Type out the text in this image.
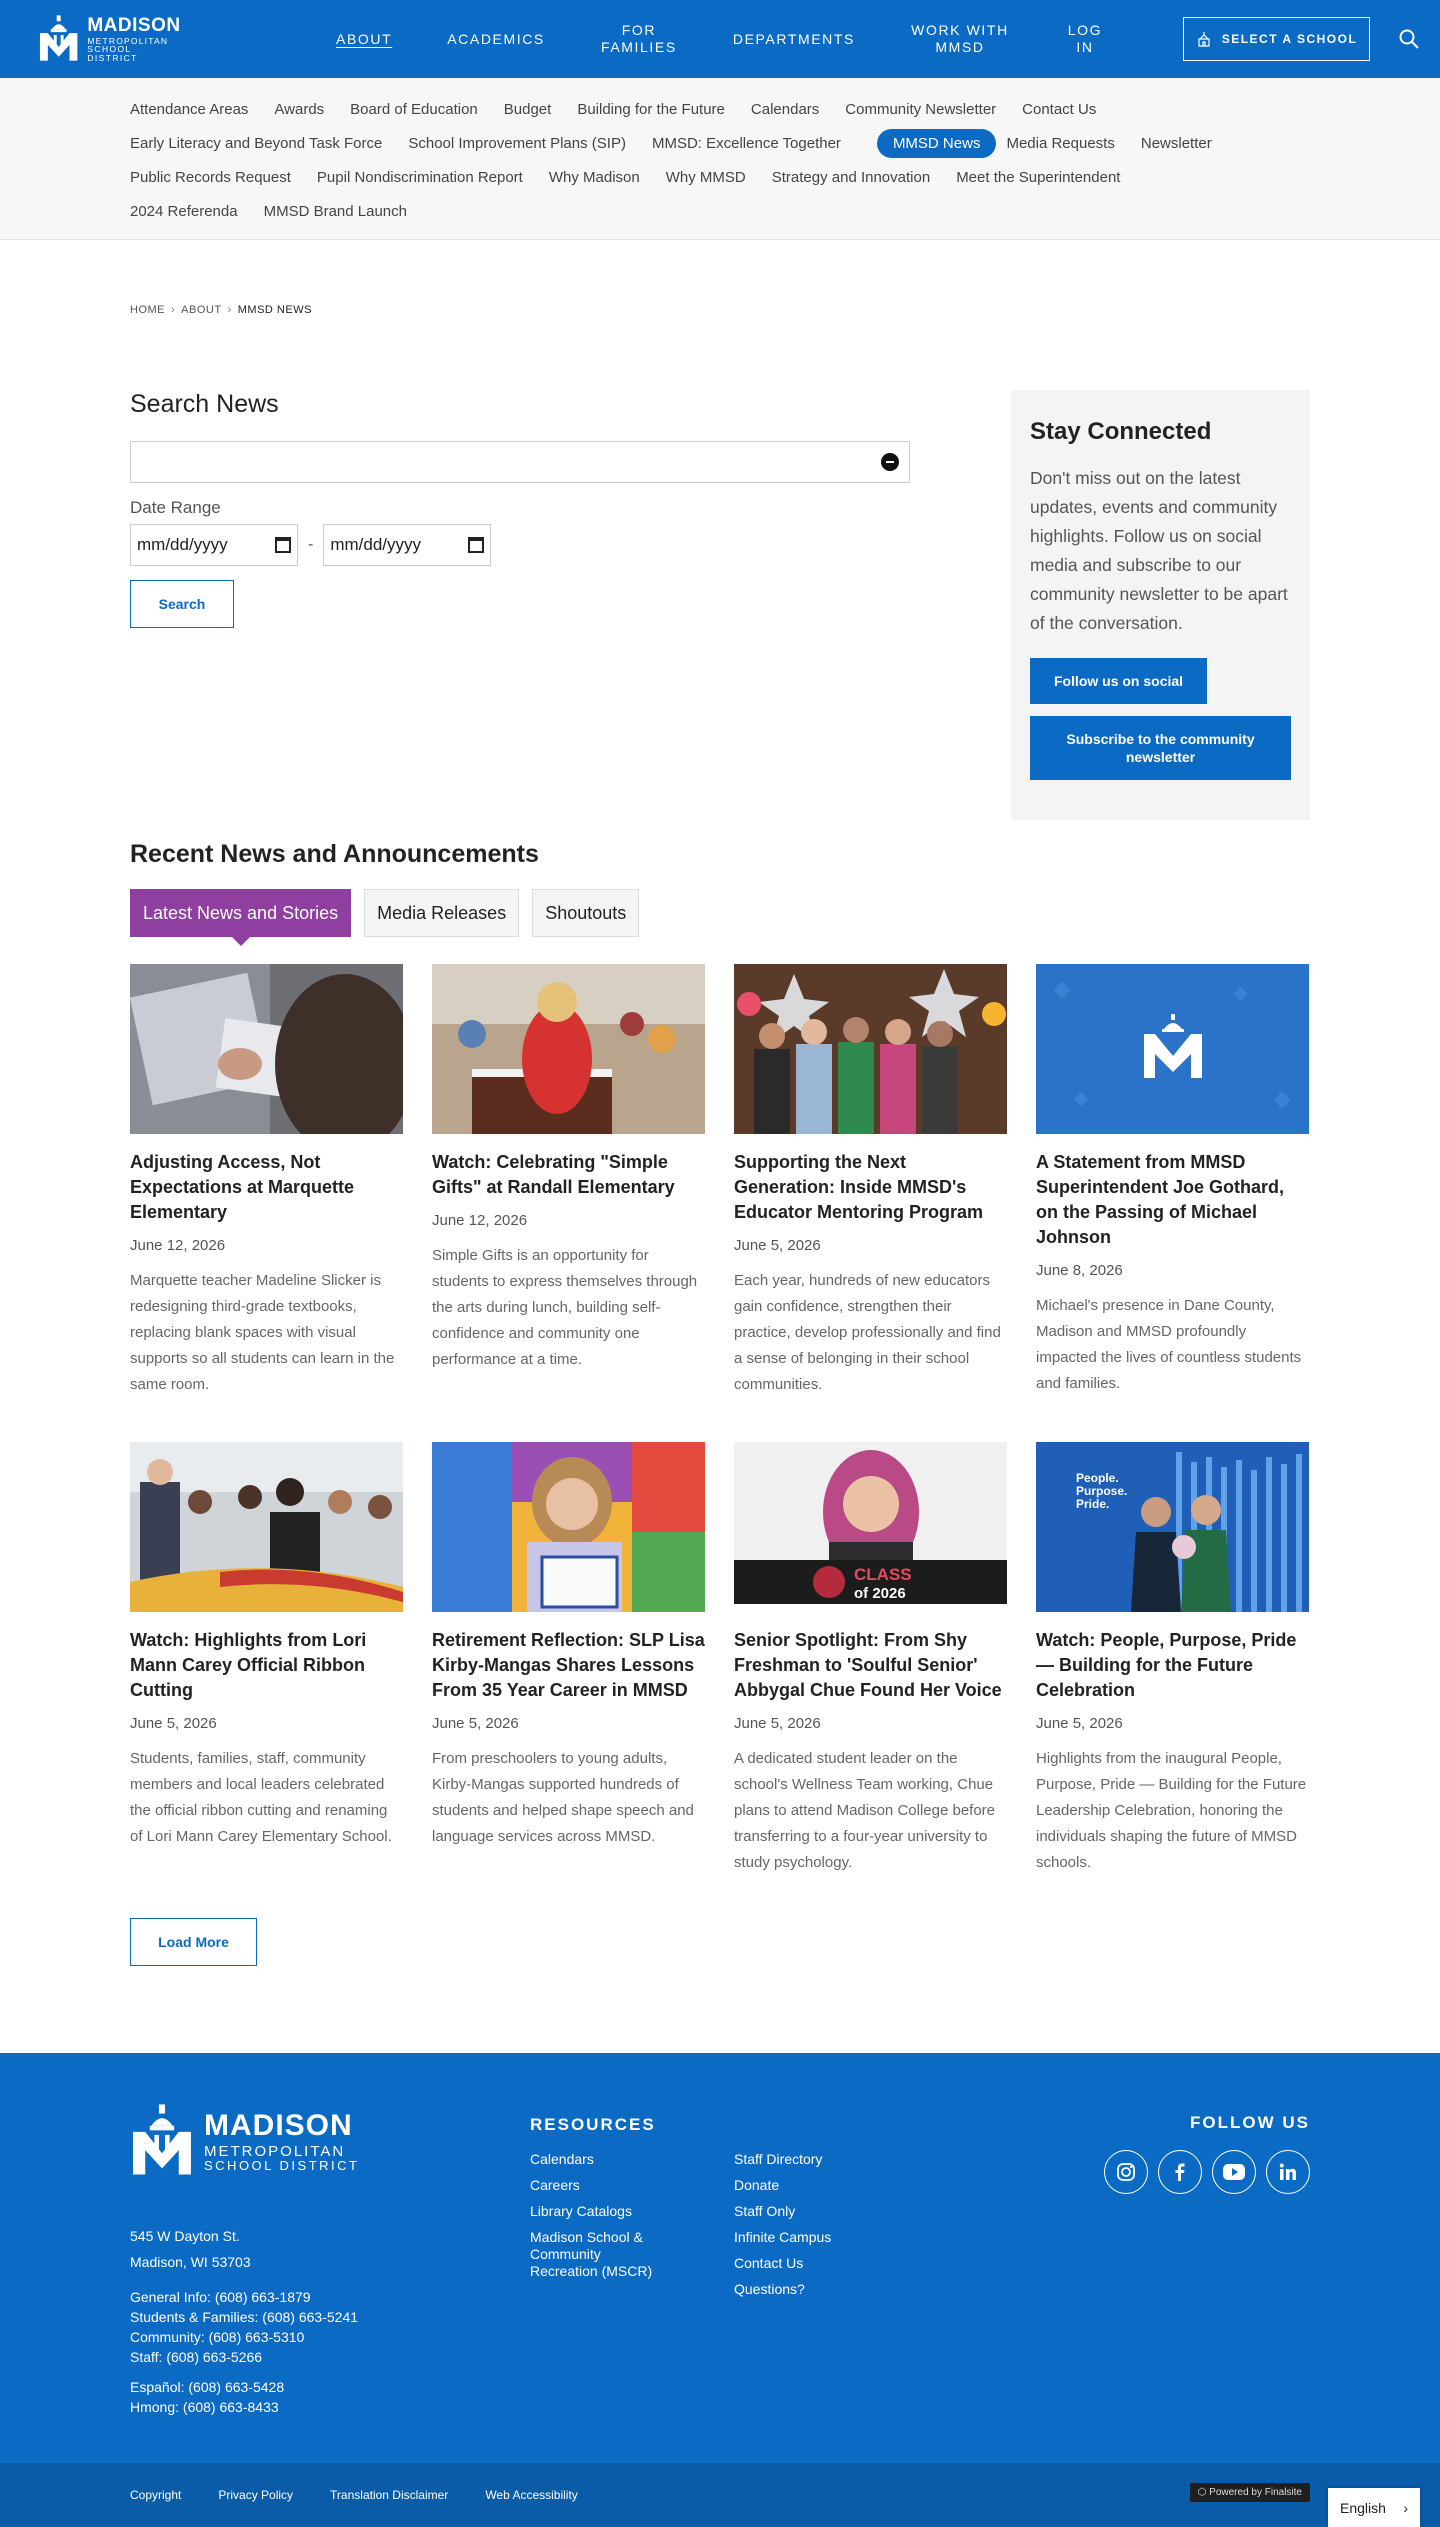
MADISON
METROPOLITAN
SCHOOL DISTRICT
ABOUT	ACADEMICS
FOR
FAMILIES
DEPARTMENTS
WORK WITH
MMSD
LOG
IN	SELECT A SCHOOL
Attendance Areas Awards Board of Education Budget Building for the Future Calendars Community Newsletter Contact Us
Early Literacy and Beyond Task Force School Improvement Plans (SIP) MMSD: Excellence Together	MMSD News	Media Requests Newsletter
Public Records Request Pupil Nondiscrimination Report Why Madison Why MMSD Strategy and Innovation Meet the Superintendent
2024 Referenda MMSD Brand Launch
HOME › ABOUT › MMSD NEWS
Search News
Date Range
mm/dd/yyyy	- mm/dd/yyyy
Search
Stay Connected

Don't miss out on the latest updates, events and community highlights. Follow us on social media and subscribe to our community newsletter to be apart of the conversation.

Follow us on social
Subscribe to the community newsletter
Recent News and Announcements
Latest News and Stories	Media Releases	Shoutouts
Adjusting Access, Not Expectations at Marquette Elementary
June 12, 2026

Marquette teacher Madeline Slicker is redesigning third-grade textbooks, replacing blank spaces with visual supports so all students can learn in the same room.

Watch: Celebrating "Simple Gifts" at Randall Elementary
June 12, 2026

Simple Gifts is an opportunity for students to express themselves through the arts during lunch, building self-confidence and community one performance at a time.

Supporting the Next Generation: Inside MMSD's Educator Mentoring Program
June 5, 2026

Each year, hundreds of new educators gain confidence, strengthen their practice, develop professionally and find a sense of belonging in their school communities.

A Statement from MMSD Superintendent Joe Gothard, on the Passing of Michael Johnson
June 8, 2026

Michael's presence in Dane County, Madison and MMSD profoundly impacted the lives of countless students and families.

Watch: Highlights from Lori Mann Carey Official Ribbon Cutting
June 5, 2026

Students, families, staff, community members and local leaders celebrated the official ribbon cutting and renaming of Lori Mann Carey Elementary School.

Retirement Reflection: SLP Lisa Kirby-Mangas Shares Lessons From 35 Year Career in MMSD
June 5, 2026

From preschoolers to young adults, Kirby-Mangas supported hundreds of students and helped shape speech and language services across MMSD.

CLASS
of 2026
Senior Spotlight: From Shy Freshman to 'Soulful Senior' Abbygal Chue Found Her Voice
June 5, 2026

A dedicated student leader on the school's Wellness Team working, Chue plans to attend Madison College before transferring to a four-year university to study psychology.

People.
Purpose.
Pride.
Watch: People, Purpose, Pride — Building for the Future Celebration
June 5, 2026

Highlights from the inaugural People, Purpose, Pride — Building for the Future Leadership Celebration, honoring the individuals shaping the future of MMSD schools.

Load More
MADISON
METROPOLITAN
SCHOOL DISTRICT
545 W Dayton St.
Madison, WI 53703
General Info: (608) 663-1879
Students & Families: (608) 663-5241
Community: (608) 663-5310
Staff: (608) 663-5266
Español: (608) 663-5428
Hmong: (608) 663-8433
RESOURCES
Calendars
Careers
Library Catalogs
Madison School & Community Recreation (MSCR)
Staff Directory
Donate
Staff Only
Infinite Campus
Contact Us
Questions?
FOLLOW US
Copyright	Privacy Policy	Translation Disclaimer	Web Accessibility	⬡ Powered by Finalsite
English ›
